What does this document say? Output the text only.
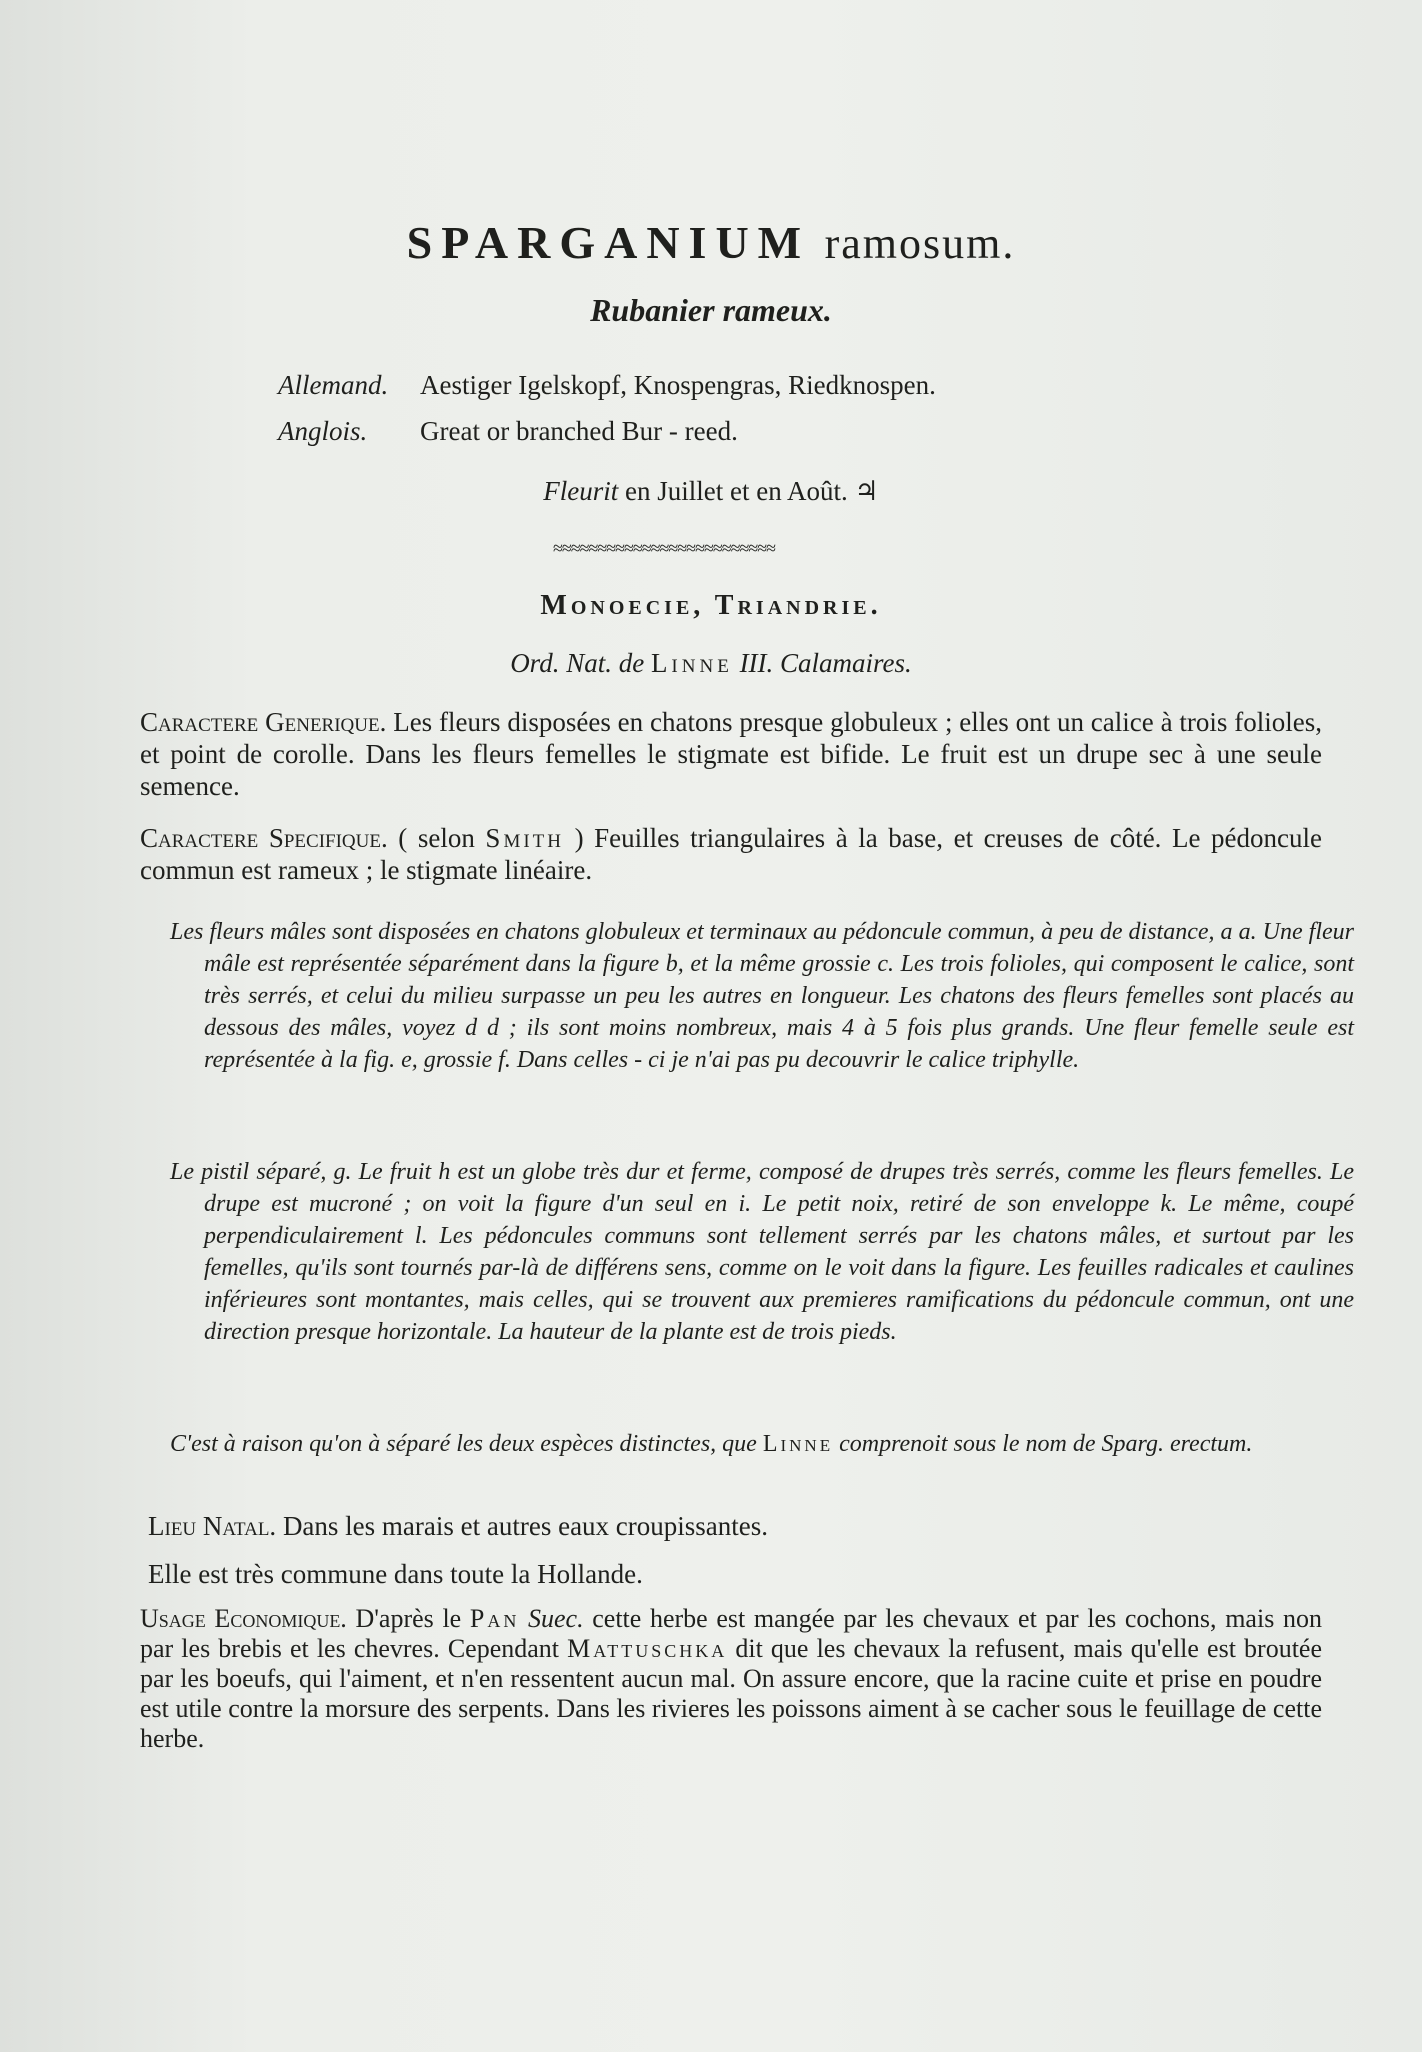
SPARGANIUM ramosum.
Rubanier rameux.
Allemand. Aestiger Igelskopf, Knospengras, Riedknospen.
Anglois. Great or branched Bur - reed.
Fleurit en Juillet et en Août. ♃
≈≈≈≈≈≈≈≈≈≈≈≈≈≈≈≈≈≈≈≈≈≈≈≈≈
Monoecie, Triandrie.
Ord. Nat. de Linne III. Calamaires.
Caractere Generique. Les fleurs disposées en chatons presque globuleux ; elles ont un calice à trois folioles, et point de corolle. Dans les fleurs femelles le stigmate est bifide. Le fruit est un drupe sec à une seule semence.
Caractere Specifique. ( selon Smith ) Feuilles triangulaires à la base, et creuses de côté. Le pédoncule commun est rameux ; le stigmate linéaire.
Les fleurs mâles sont disposées en chatons globuleux et terminaux au pédoncule commun, à peu de distance, a a. Une fleur mâle est représentée séparément dans la figure b, et la même grossie c. Les trois folioles, qui composent le calice, sont très serrés, et celui du milieu surpasse un peu les autres en longueur. Les chatons des fleurs femelles sont placés au dessous des mâles, voyez d d ; ils sont moins nombreux, mais 4 à 5 fois plus grands. Une fleur femelle seule est représentée à la fig. e, grossie f. Dans celles - ci je n'ai pas pu decouvrir le calice triphylle.
Le pistil séparé, g. Le fruit h est un globe très dur et ferme, composé de drupes très serrés, comme les fleurs femelles. Le drupe est mucroné ; on voit la figure d'un seul en i. Le petit noix, retiré de son enveloppe k. Le même, coupé perpendiculairement l. Les pédoncules communs sont tellement serrés par les chatons mâles, et surtout par les femelles, qu'ils sont tournés par-là de différens sens, comme on le voit dans la figure. Les feuilles radicales et caulines inférieures sont montantes, mais celles, qui se trouvent aux premieres ramifications du pédoncule commun, ont une direction presque horizontale. La hauteur de la plante est de trois pieds.
C'est à raison qu'on à séparé les deux espèces distinctes, que Linne comprenoit sous le nom de Sparg. erectum.
Lieu Natal. Dans les marais et autres eaux croupissantes.
Elle est très commune dans toute la Hollande.
Usage Economique. D'après le Pan Suec. cette herbe est mangée par les chevaux et par les cochons, mais non par les brebis et les chevres. Cependant Mattuschka dit que les chevaux la refusent, mais qu'elle est broutée par les boeufs, qui l'aiment, et n'en ressentent aucun mal. On assure encore, que la racine cuite et prise en poudre est utile contre la morsure des serpents. Dans les rivieres les poissons aiment à se cacher sous le feuillage de cette herbe.
